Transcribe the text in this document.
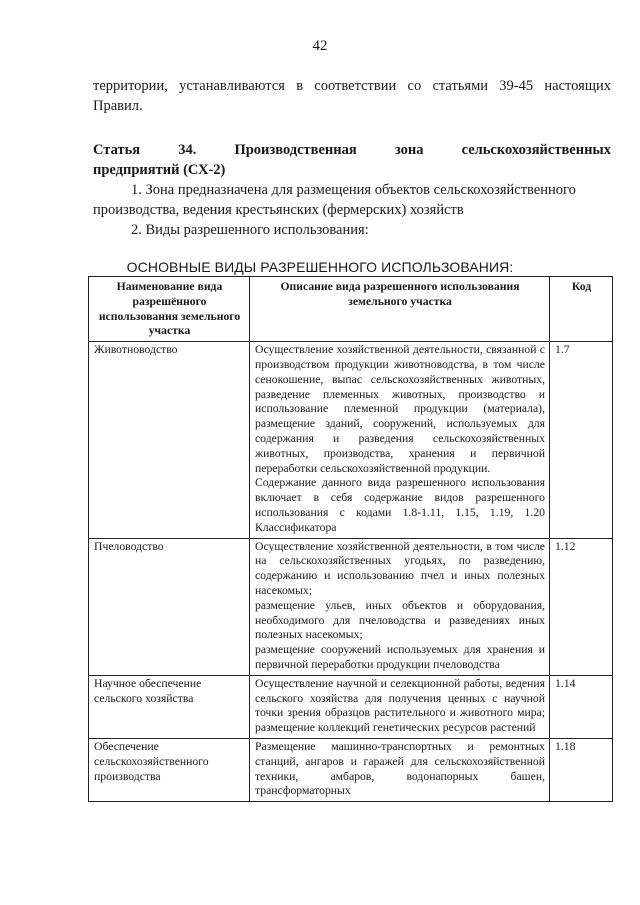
42

территории, устанавливаются в соответствии со статьями 39-45 настоящих

Правил.

Статья	34.	Производственная	зона	сельскохозяйственных
предприятий (СХ-2)

1. Зона предназначена для размещения объектов сельскохозяйственного производства, ведения крестьянских (фермерских) хозяйств

2. Виды разрешенного использования:

ОСНОВНЫЕ ВИДЫ РАЗРЕШЕННОГО ИСПОЛЬЗОВАНИЯ:
Наименование вида разрешённого использования земельного участка	Описание вида разрешенного использования земельного участка	Код
Животноводство	Осуществление хозяйственной деятельности, связанной с производством продукции животноводства, в том числе сенокошение, выпас сельскохозяйственных животных, разведение племенных животных, производство и использование племенной продукции (материала), размещение зданий, сооружений, используемых для содержания и разведения сельскохозяйственных животных, производства, хранения и первичной переработки сельскохозяйственной продукции.
Содержание данного вида разрешенного использования включает в себя содержание видов разрешенного использования с кодами 1.8-1.11, 1.15, 1.19, 1.20 Классификатора	1.7
Пчеловодство	Осуществление хозяйственной деятельности, в том числе на сельскохозяйственных угодьях, по разведению, содержанию и использованию пчел и иных полезных насекомых;
размещение ульев, иных объектов и оборудования, необходимого для пчеловодства и разведениях иных полезных насекомых;
размещение сооружений используемых для хранения и первичной переработки продукции пчеловодства	1.12
Научное обеспечение сельского хозяйства	Осуществление научной и селекционной работы, ведения сельского хозяйства для получения ценных с научной точки зрения образцов растительного и животного мира; размещение коллекций генетических ресурсов растений	1.14
Обеспечение сельскохозяйственного производства	Размещение машинно-транспортных и ремонтных станций, ангаров и гаражей для сельскохозяйственной техники, амбаров, водонапорных башен, трансформаторных	1.18
